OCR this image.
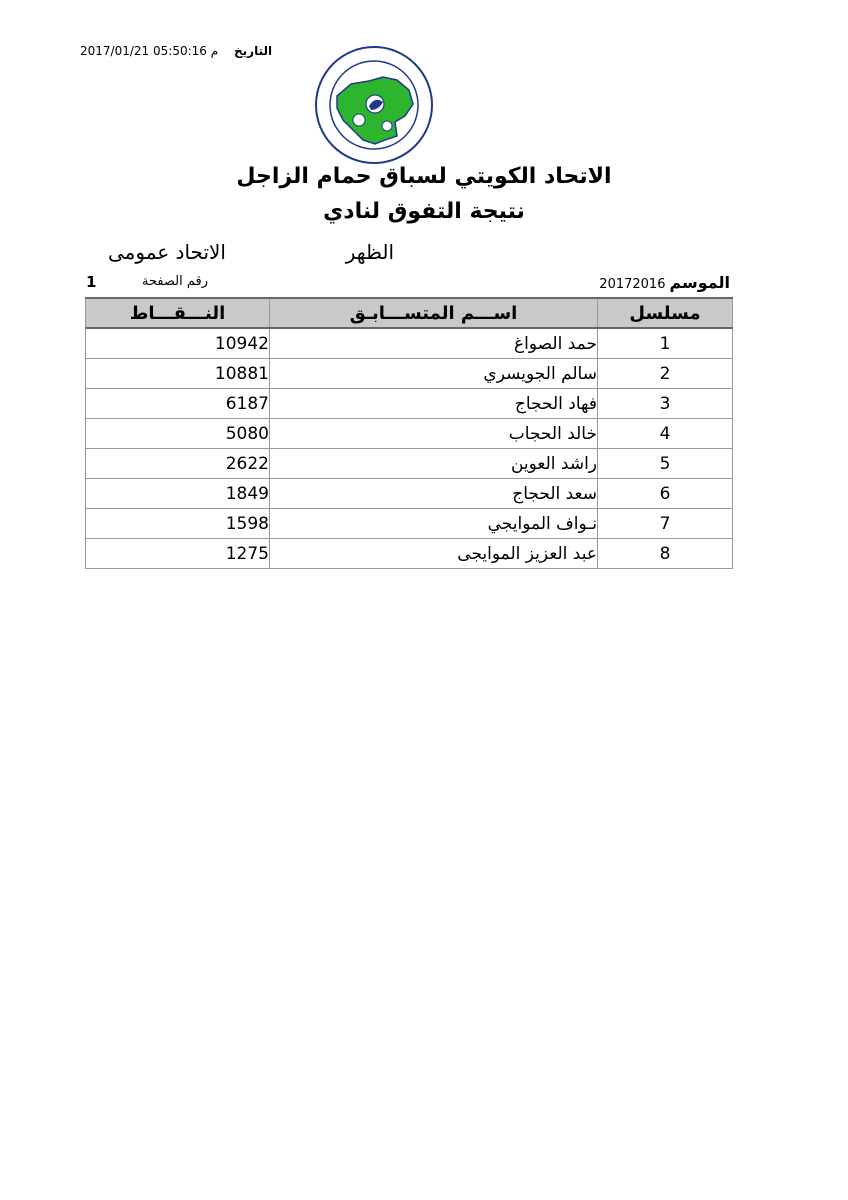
التاريخ
م 05:50:16 2017/01/21
الاتحاد الكويتي لسباق حمام الزاجل
نتيجة التفوق لنادي
الظهر
الاتحاد عمومى
الموسم20172016
رقم الصفحة
1
مسلسل	اســـم المتســـابـق	النـــقـــاط
1	حمد الصواغ	10942
2	سالم الجويسري	10881
3	فهاد الحجاج	6187
4	خالد الحجاب	5080
5	راشد العوين	2622
6	سعد الحجاج	1849
7	نـواف الموايجي	1598
8	عبد العزيز الموايجى	1275
